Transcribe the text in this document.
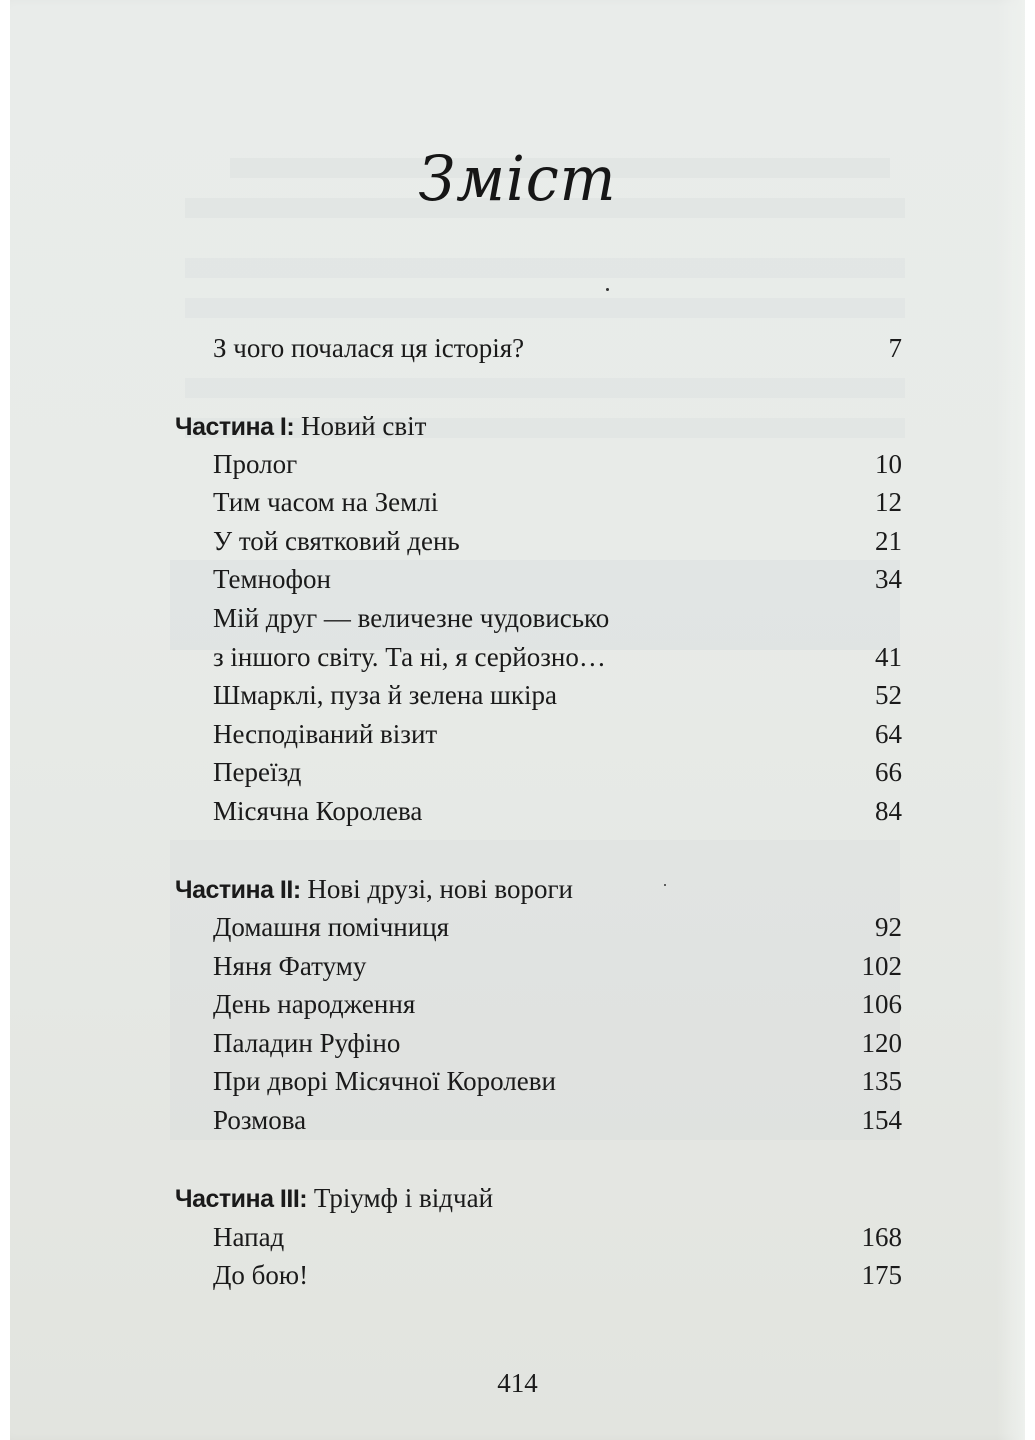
Зміст
З чого почалася ця історія?	7
Частина I: Новий світ
Пролог	10
Тим часом на Землі	12
У той святковий день	21
Темнофон	34
Мій друг — величезне чудовисько
з іншого світу. Та ні, я серйозно…	41
Шмарклі, пуза й зелена шкіра	52
Несподіваний візит	64
Переїзд	66
Місячна Королева	84
Частина II: Нові друзі, нові вороги
Домашня помічниця	92
Няня Фатуму	102
День народження	106
Паладин Руфіно	120
При дворі Місячної Королеви	135
Розмова	154
Частина III: Тріумф і відчай
Напад	168
До бою!	175
414
